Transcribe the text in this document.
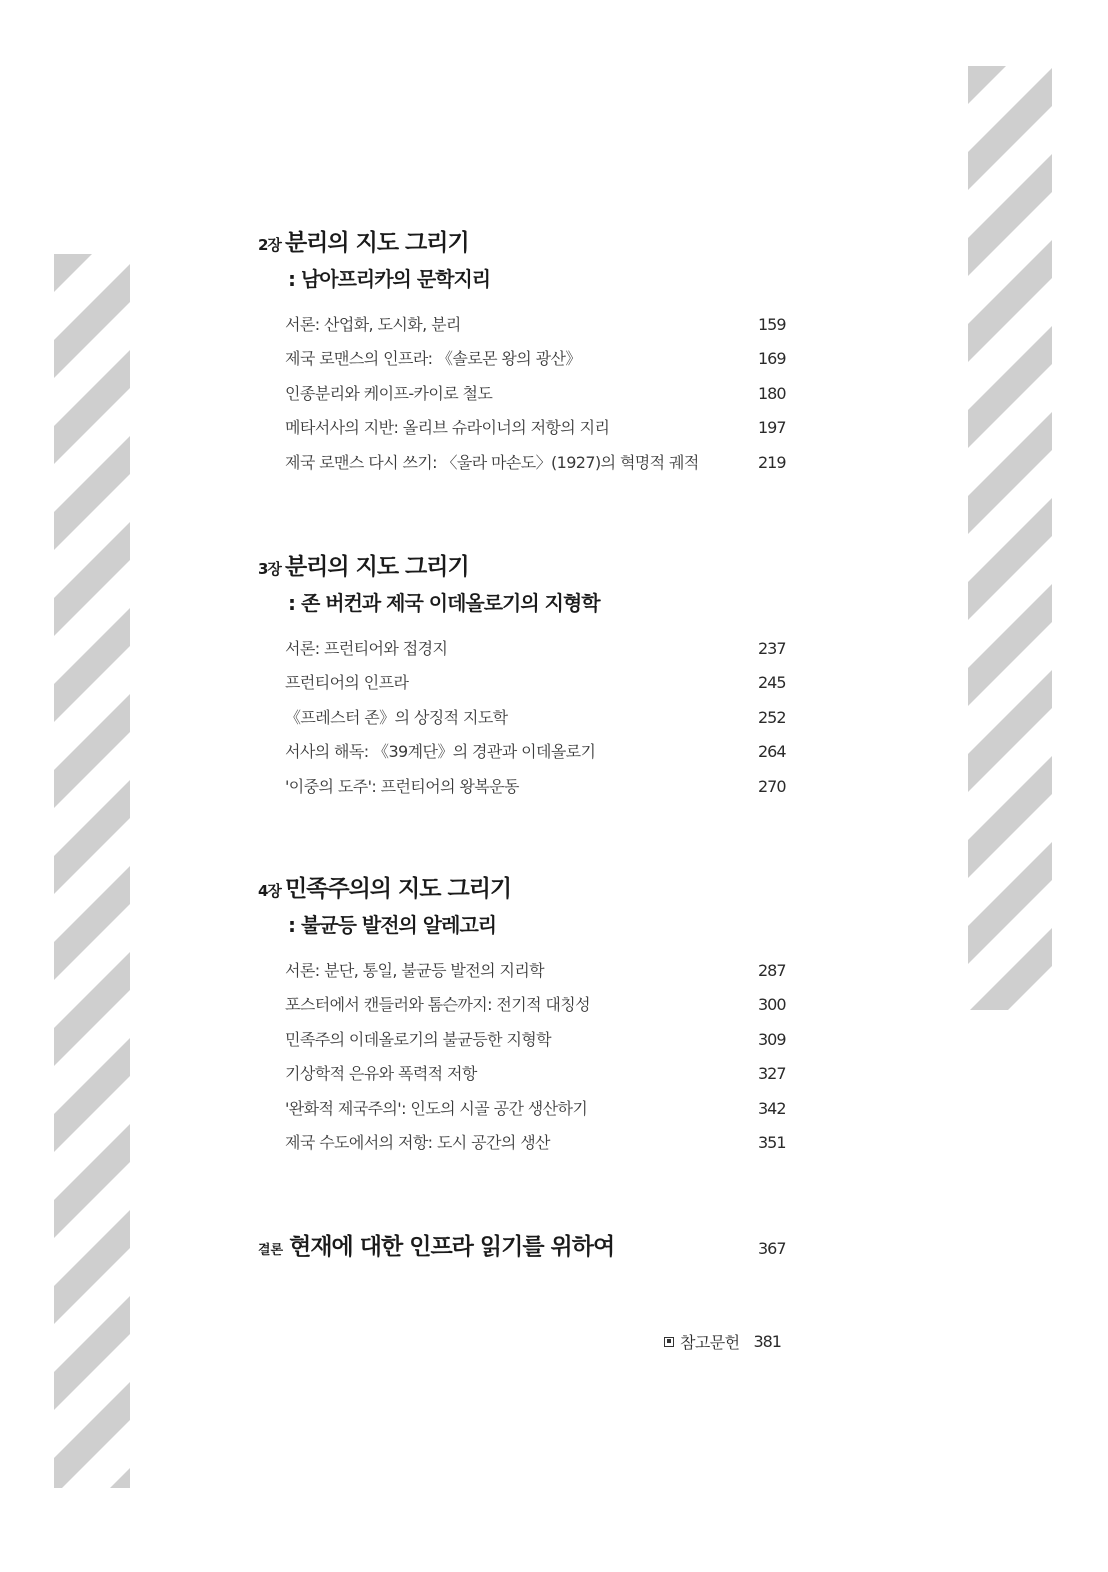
2장 분리의 지도 그리기
: 남아프리카의 문학지리
서론: 산업화, 도시화, 분리	159
제국 로맨스의 인프라: 《솔로몬 왕의 광산》	169
인종분리와 케이프-카이로 철도	180
메타서사의 지반: 올리브 슈라이너의 저항의 지리	197
제국 로맨스 다시 쓰기: 〈울라 마손도〉(1927)의 혁명적 궤적	219
3장 분리의 지도 그리기
: 존 버컨과 제국 이데올로기의 지형학
서론: 프런티어와 접경지	237
프런티어의 인프라	245
《프레스터 존》의 상징적 지도학	252
서사의 해독: 《39계단》의 경관과 이데올로기	264
'이중의 도주': 프런티어의 왕복운동	270
4장 민족주의의 지도 그리기
: 불균등 발전의 알레고리
서론: 분단, 통일, 불균등 발전의 지리학	287
포스터에서 캔들러와 톰슨까지: 전기적 대칭성	300
민족주의 이데올로기의 불균등한 지형학	309
기상학적 은유와 폭력적 저항	327
'완화적 제국주의': 인도의 시골 공간 생산하기	342
제국 수도에서의 저항: 도시 공간의 생산	351
결론 현재에 대한 인프라 읽기를 위하여	367
참고문헌 381
